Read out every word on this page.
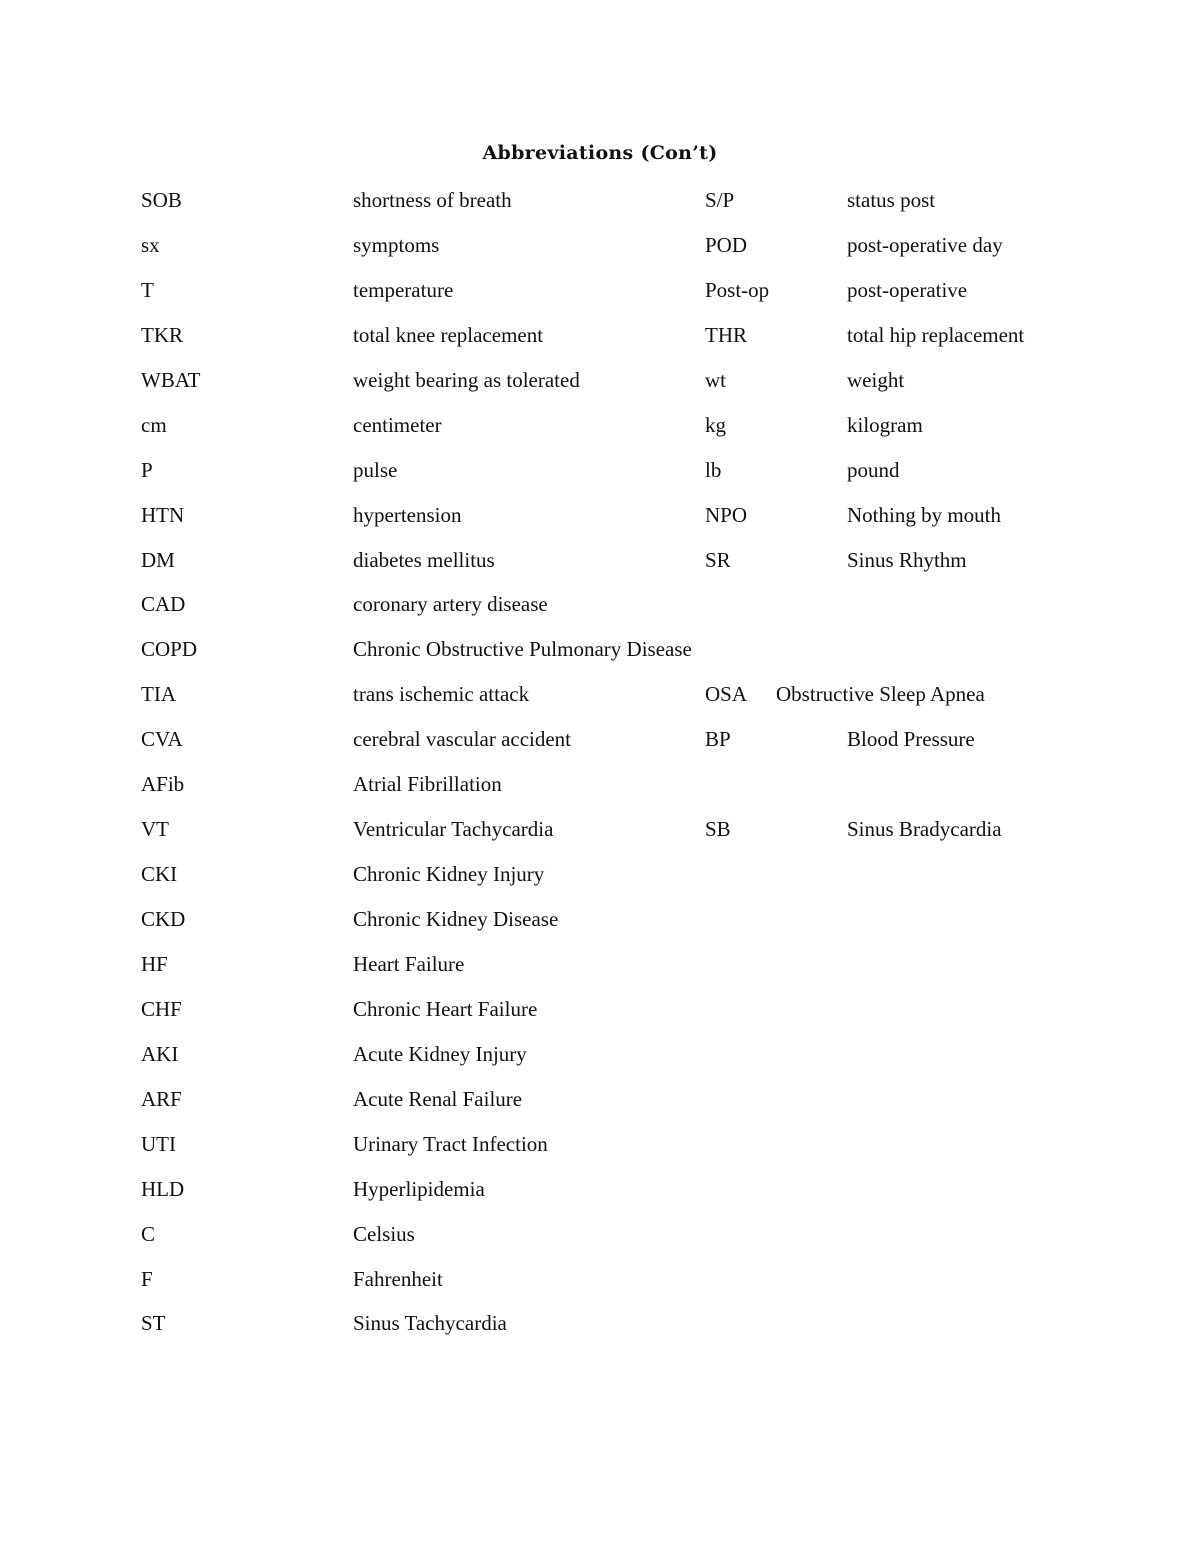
Abbreviations (Con’t)
SOB	shortness of breath	S/P	status post
sx	symptoms	POD	post-operative day
T	temperature	Post-op	post-operative
TKR	total knee replacement	THR	total hip replacement
WBAT	weight bearing as tolerated	wt	weight
cm	centimeter	kg	kilogram
P	pulse	lb	pound
HTN	hypertension	NPO	Nothing by mouth
DM	diabetes mellitus	SR	Sinus Rhythm
CAD	coronary artery disease
COPD	Chronic Obstructive Pulmonary Disease
TIA	trans ischemic attack	OSA Obstructive Sleep Apnea
CVA	cerebral vascular accident	BP	Blood Pressure
AFib	Atrial Fibrillation
VT	Ventricular Tachycardia	SB	Sinus Bradycardia
CKI	Chronic Kidney Injury
CKD	Chronic Kidney Disease
HF	Heart Failure
CHF	Chronic Heart Failure
AKI	Acute Kidney Injury
ARF	Acute Renal Failure
UTI	Urinary Tract Infection
HLD	Hyperlipidemia
C	Celsius
F	Fahrenheit
ST	Sinus Tachycardia
